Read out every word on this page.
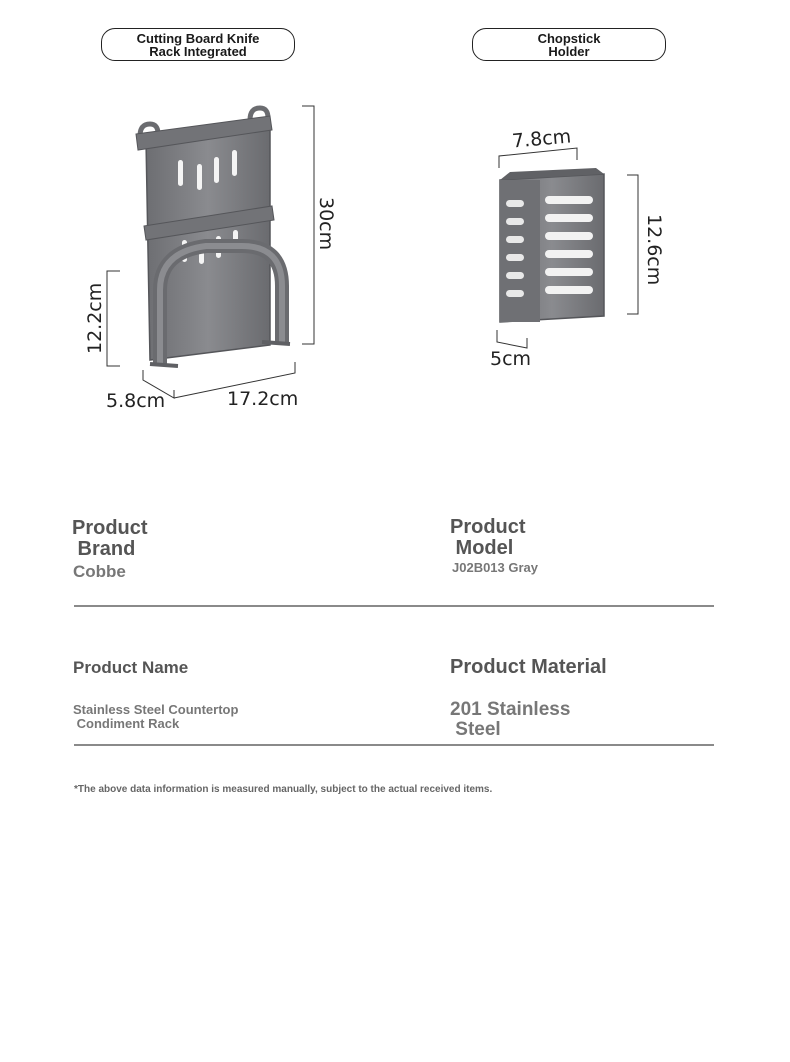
Cutting Board Knife
Rack Integrated
Chopstick
Holder
30cm
12.2cm
5.8cm	17.2cm
7.8cm
12.6cm
5cm
Product
Brand
Cobbe
Product
Model
J02B013 Gray
Product Name
Stainless Steel Countertop
Condiment Rack
Product Material
201 Stainless
Steel
*The above data information is measured manually, subject to the actual received items.
